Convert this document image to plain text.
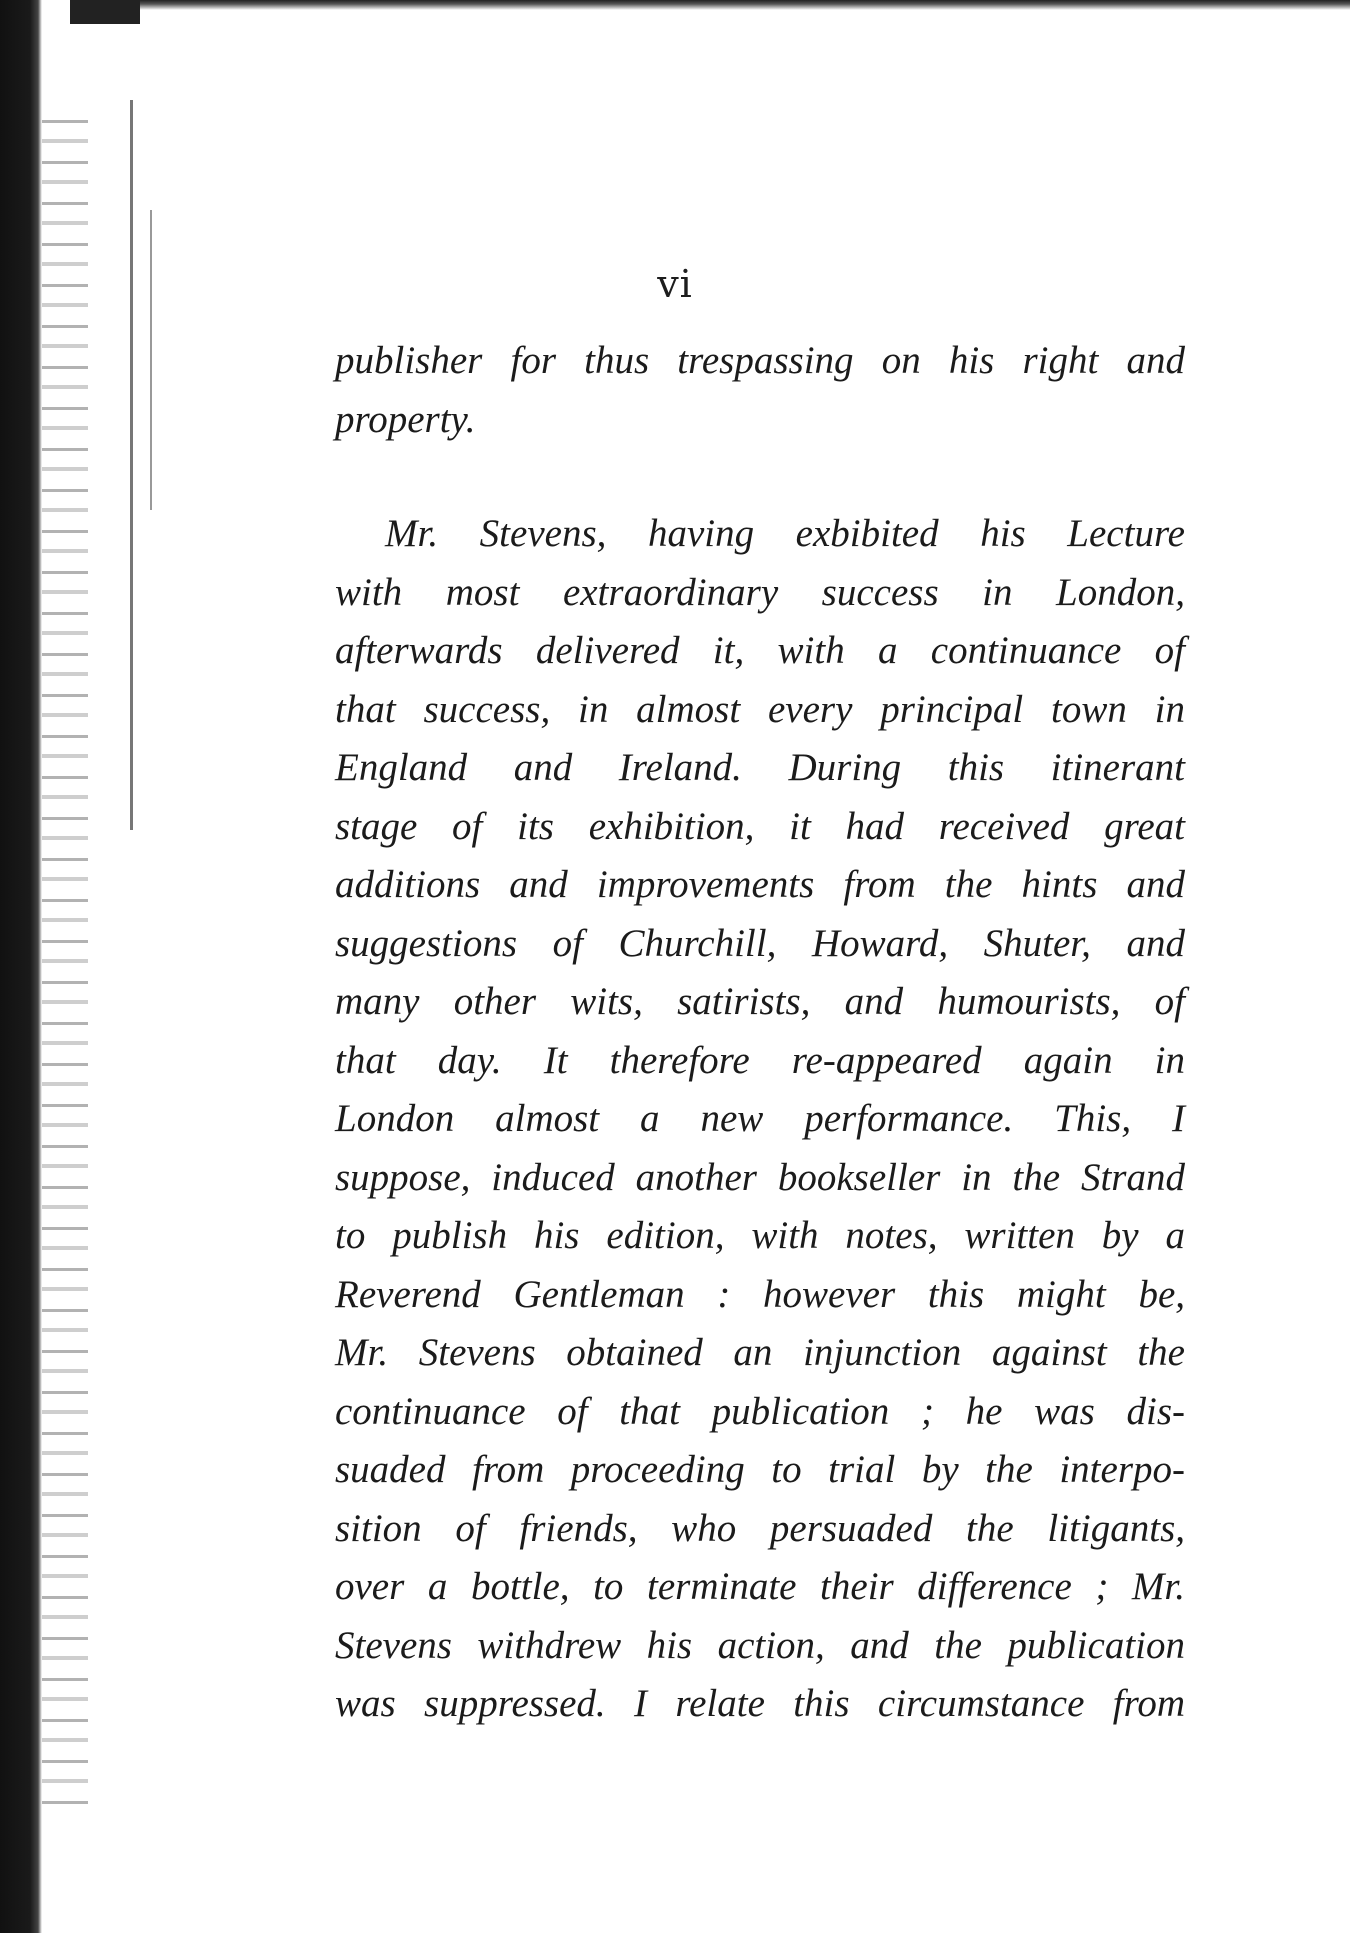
vi
publisher for thus trespassing on his right and
property.
Mr. Stevens, having exbibited his Lecture
with most extraordinary success in London,
afterwards delivered it, with a continuance of
that success, in almost every principal town in
England and Ireland. During this itinerant
stage of its exhibition, it had received great
additions and improvements from the hints and
suggestions of Churchill, Howard, Shuter, and
many other wits, satirists, and humourists, of
that day. It therefore re-appeared again in
London almost a new performance. This, I
suppose, induced another bookseller in the Strand
to publish his edition, with notes, written by a
Reverend Gentleman : however this might be,
Mr. Stevens obtained an injunction against the
continuance of that publication ; he was dis-
suaded from proceeding to trial by the interpo-
sition of friends, who persuaded the litigants,
over a bottle, to terminate their difference ; Mr.
Stevens withdrew his action, and the publication
was suppressed. I relate this circumstance from
